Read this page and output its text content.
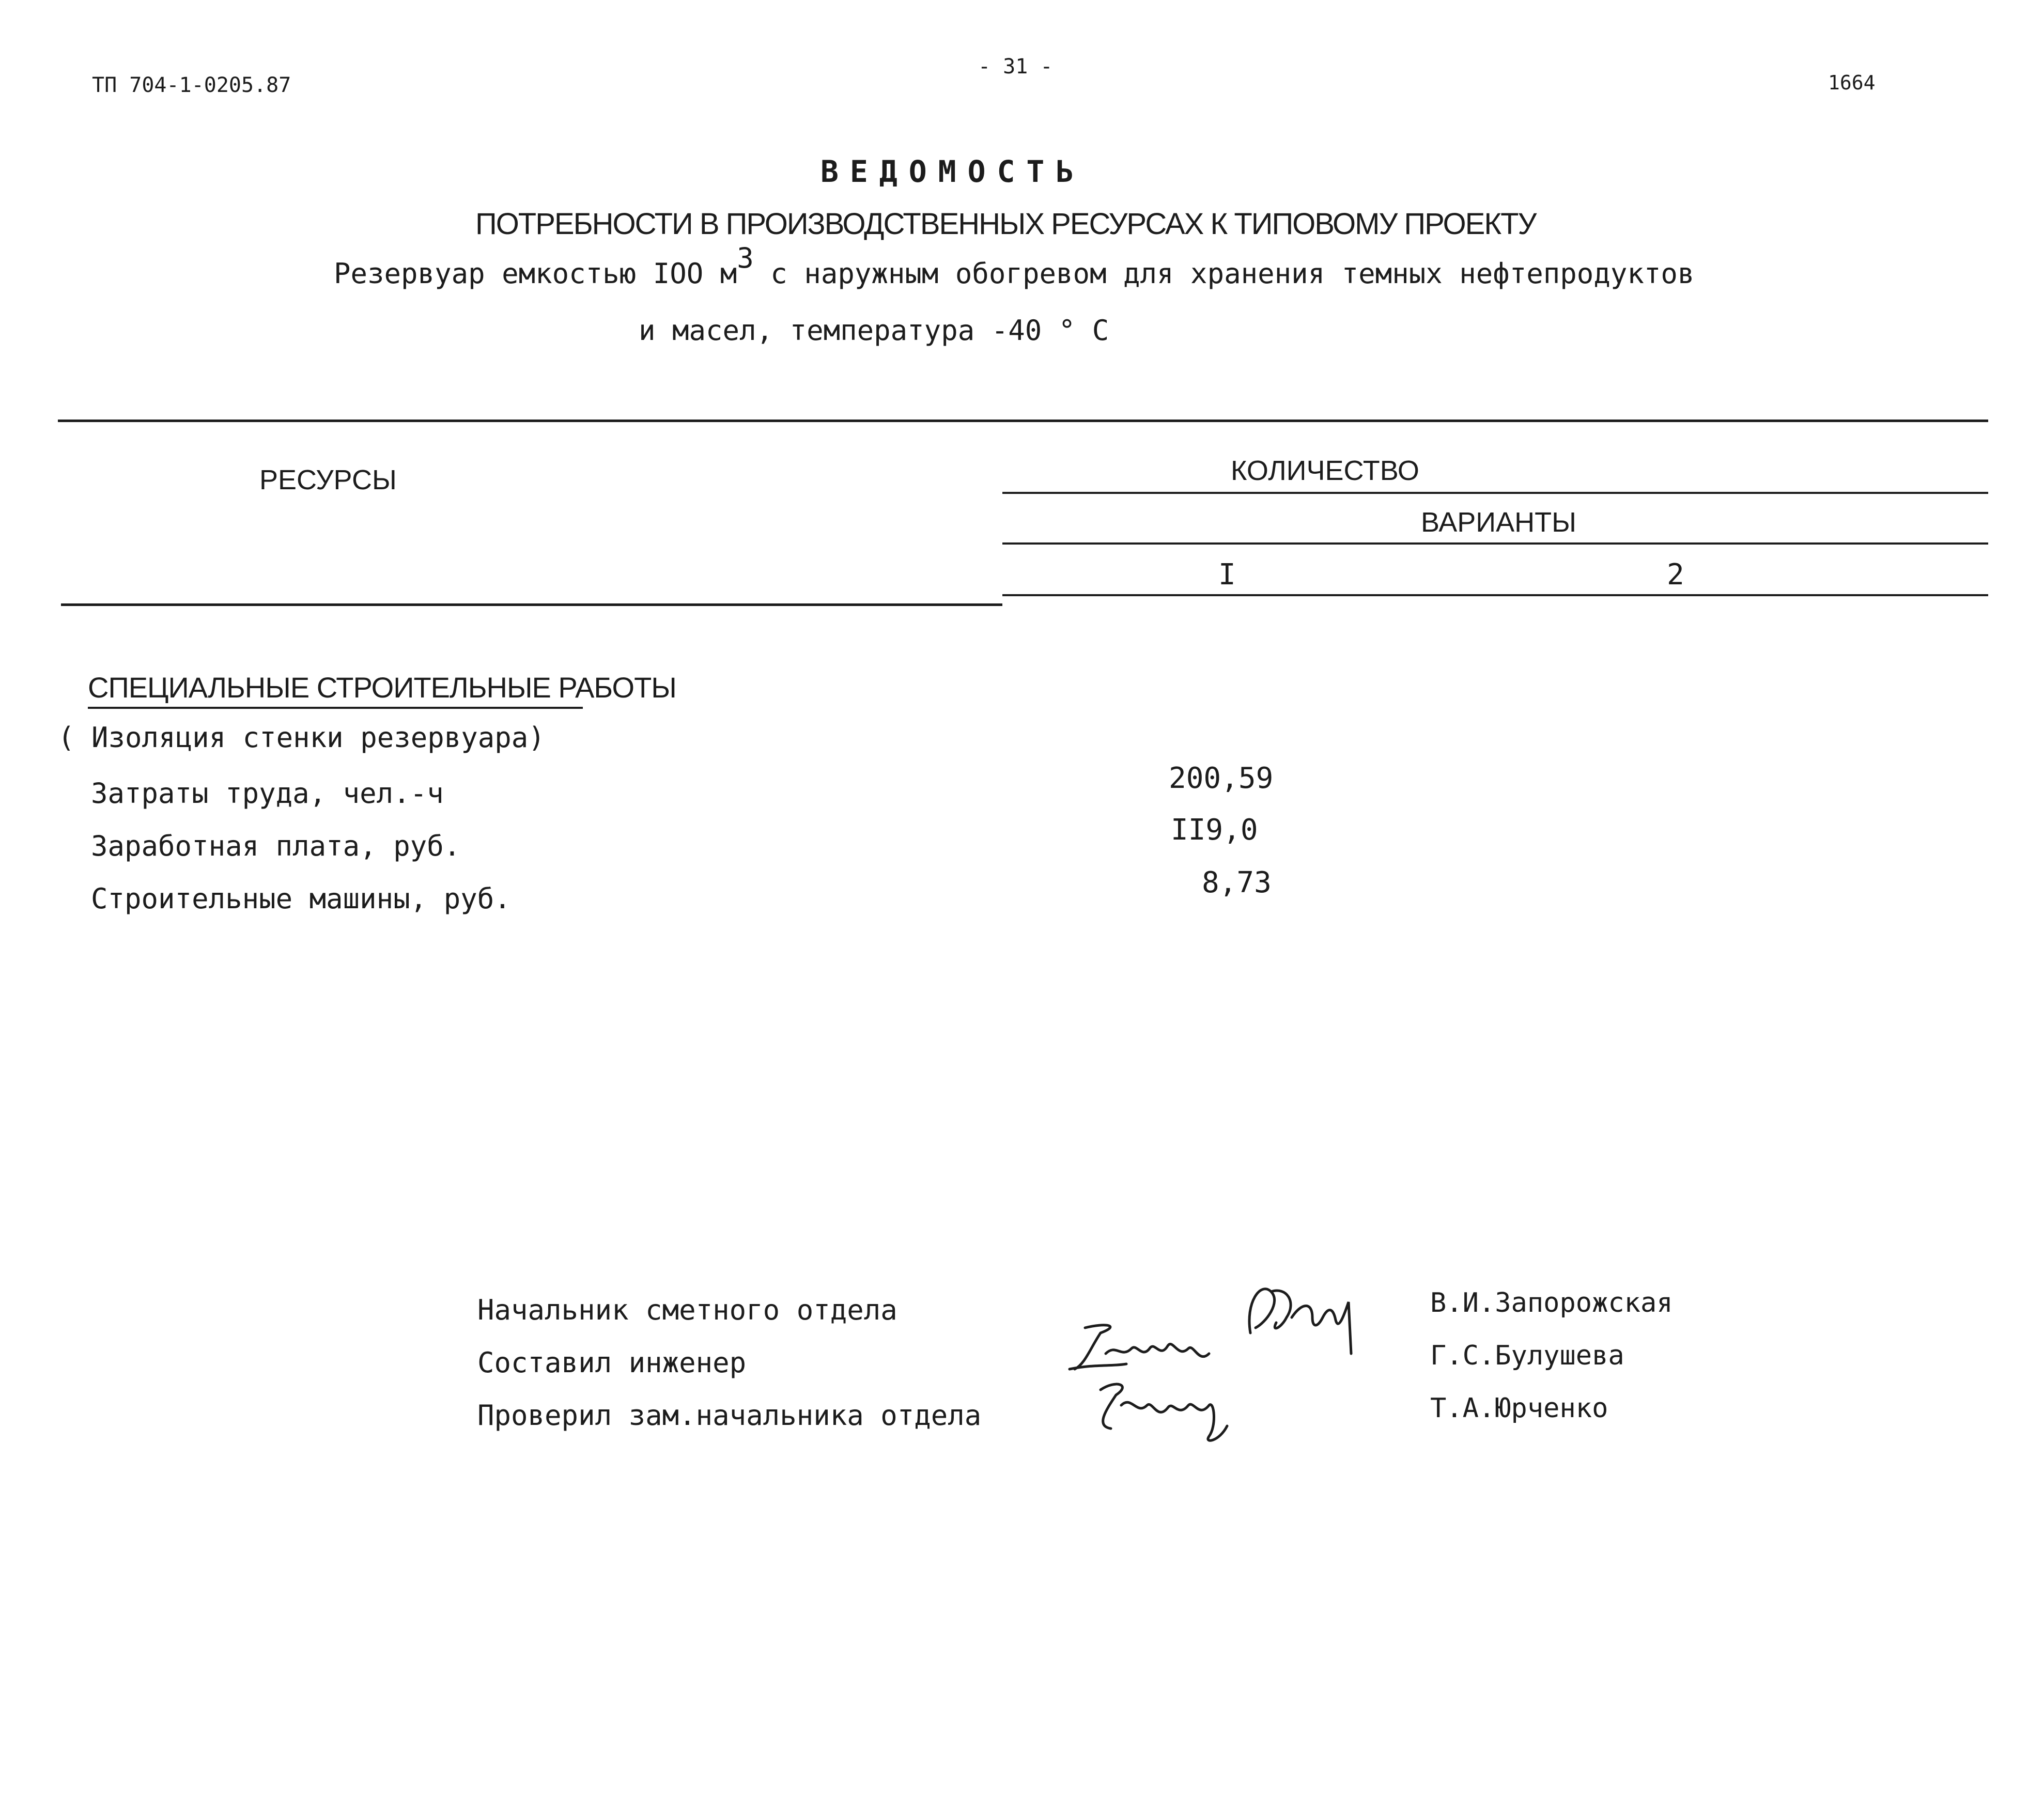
ТП 704-1-0205.87
- 31 -
1664
ВЕДОМОСТЬ
ПОТРЕБНОСТИ В ПРОИЗВОДСТВЕННЫХ РЕСУРСАХ К ТИПОВОМУ ПРОЕКТУ
Резервуар емкостью IOO м3 с наружным обогревом для хранения темных нефтепродуктов
и масел, температура -40 ° С
РЕСУРСЫ	КОЛИЧЕСТВО
ВАРИАНТЫ
I	2
СПЕЦИАЛЬНЫЕ СТРОИТЕЛЬНЫЕ РАБОТЫ
( Изоляция стенки резервуара)
Затраты труда, чел.-ч	200,59
Заработная плата, руб.	II9,0
Строительные машины, руб.	8,73
Начальник сметного отдела	В.И.Запорожская
Составил инженер	Г.С.Булушева
Проверил зам.начальника отдела	Т.А.Юрченко
